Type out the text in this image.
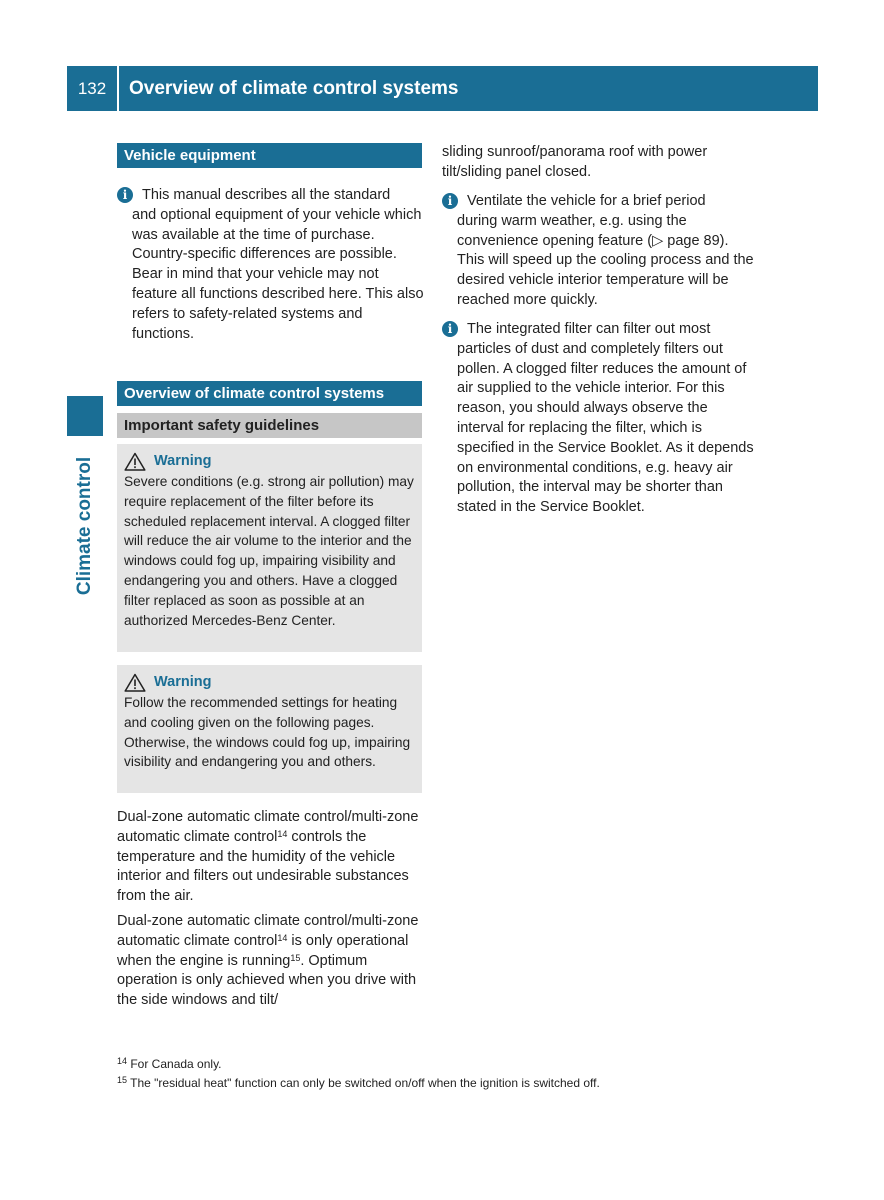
132	Overview of climate control systems
Climate control
Vehicle equipment
i	This manual describes all the standard
and optional equipment of your vehicle which was available at the time of purchase. Country-specific differences are possible. Bear in mind that your vehicle may not feature all functions described here. This also refers to safety-related systems and functions.
Overview of climate control systems
Important safety guidelines
Warning
Severe conditions (e.g. strong air pollution) may require replacement of the filter before its scheduled replacement interval. A clogged filter will reduce the air volume to the interior and the windows could fog up, impairing visibility and endangering you and others. Have a clogged filter replaced as soon as possible at an authorized Mercedes-Benz Center.
Warning
Follow the recommended settings for heating and cooling given on the following pages. Otherwise, the windows could fog up, impairing visibility and endangering you and others.
Dual-zone automatic climate control/multi-zone automatic climate control$^{14}$ controls the temperature and the humidity of the vehicle interior and filters out undesirable substances from the air.
Dual-zone automatic climate control/multi-zone automatic climate control$^{14}$ is only operational when the engine is running$^{15}$. Optimum operation is only achieved when you drive with the side windows and tilt/
sliding sunroof/panorama roof with power tilt/sliding panel closed.
i	Ventilate the vehicle for a brief period
during warm weather, e.g. using the convenience opening feature (▷ page 89). This will speed up the cooling process and the desired vehicle interior temperature will be reached more quickly.
i	The integrated filter can filter out most
particles of dust and completely filters out pollen. A clogged filter reduces the amount of air supplied to the vehicle interior. For this reason, you should always observe the interval for replacing the filter, which is specified in the Service Booklet. As it depends on environmental conditions, e.g. heavy air pollution, the interval may be shorter than stated in the Service Booklet.
$^{14}$ For Canada only.
$^{15}$ The "residual heat" function can only be switched on/off when the ignition is switched off.
